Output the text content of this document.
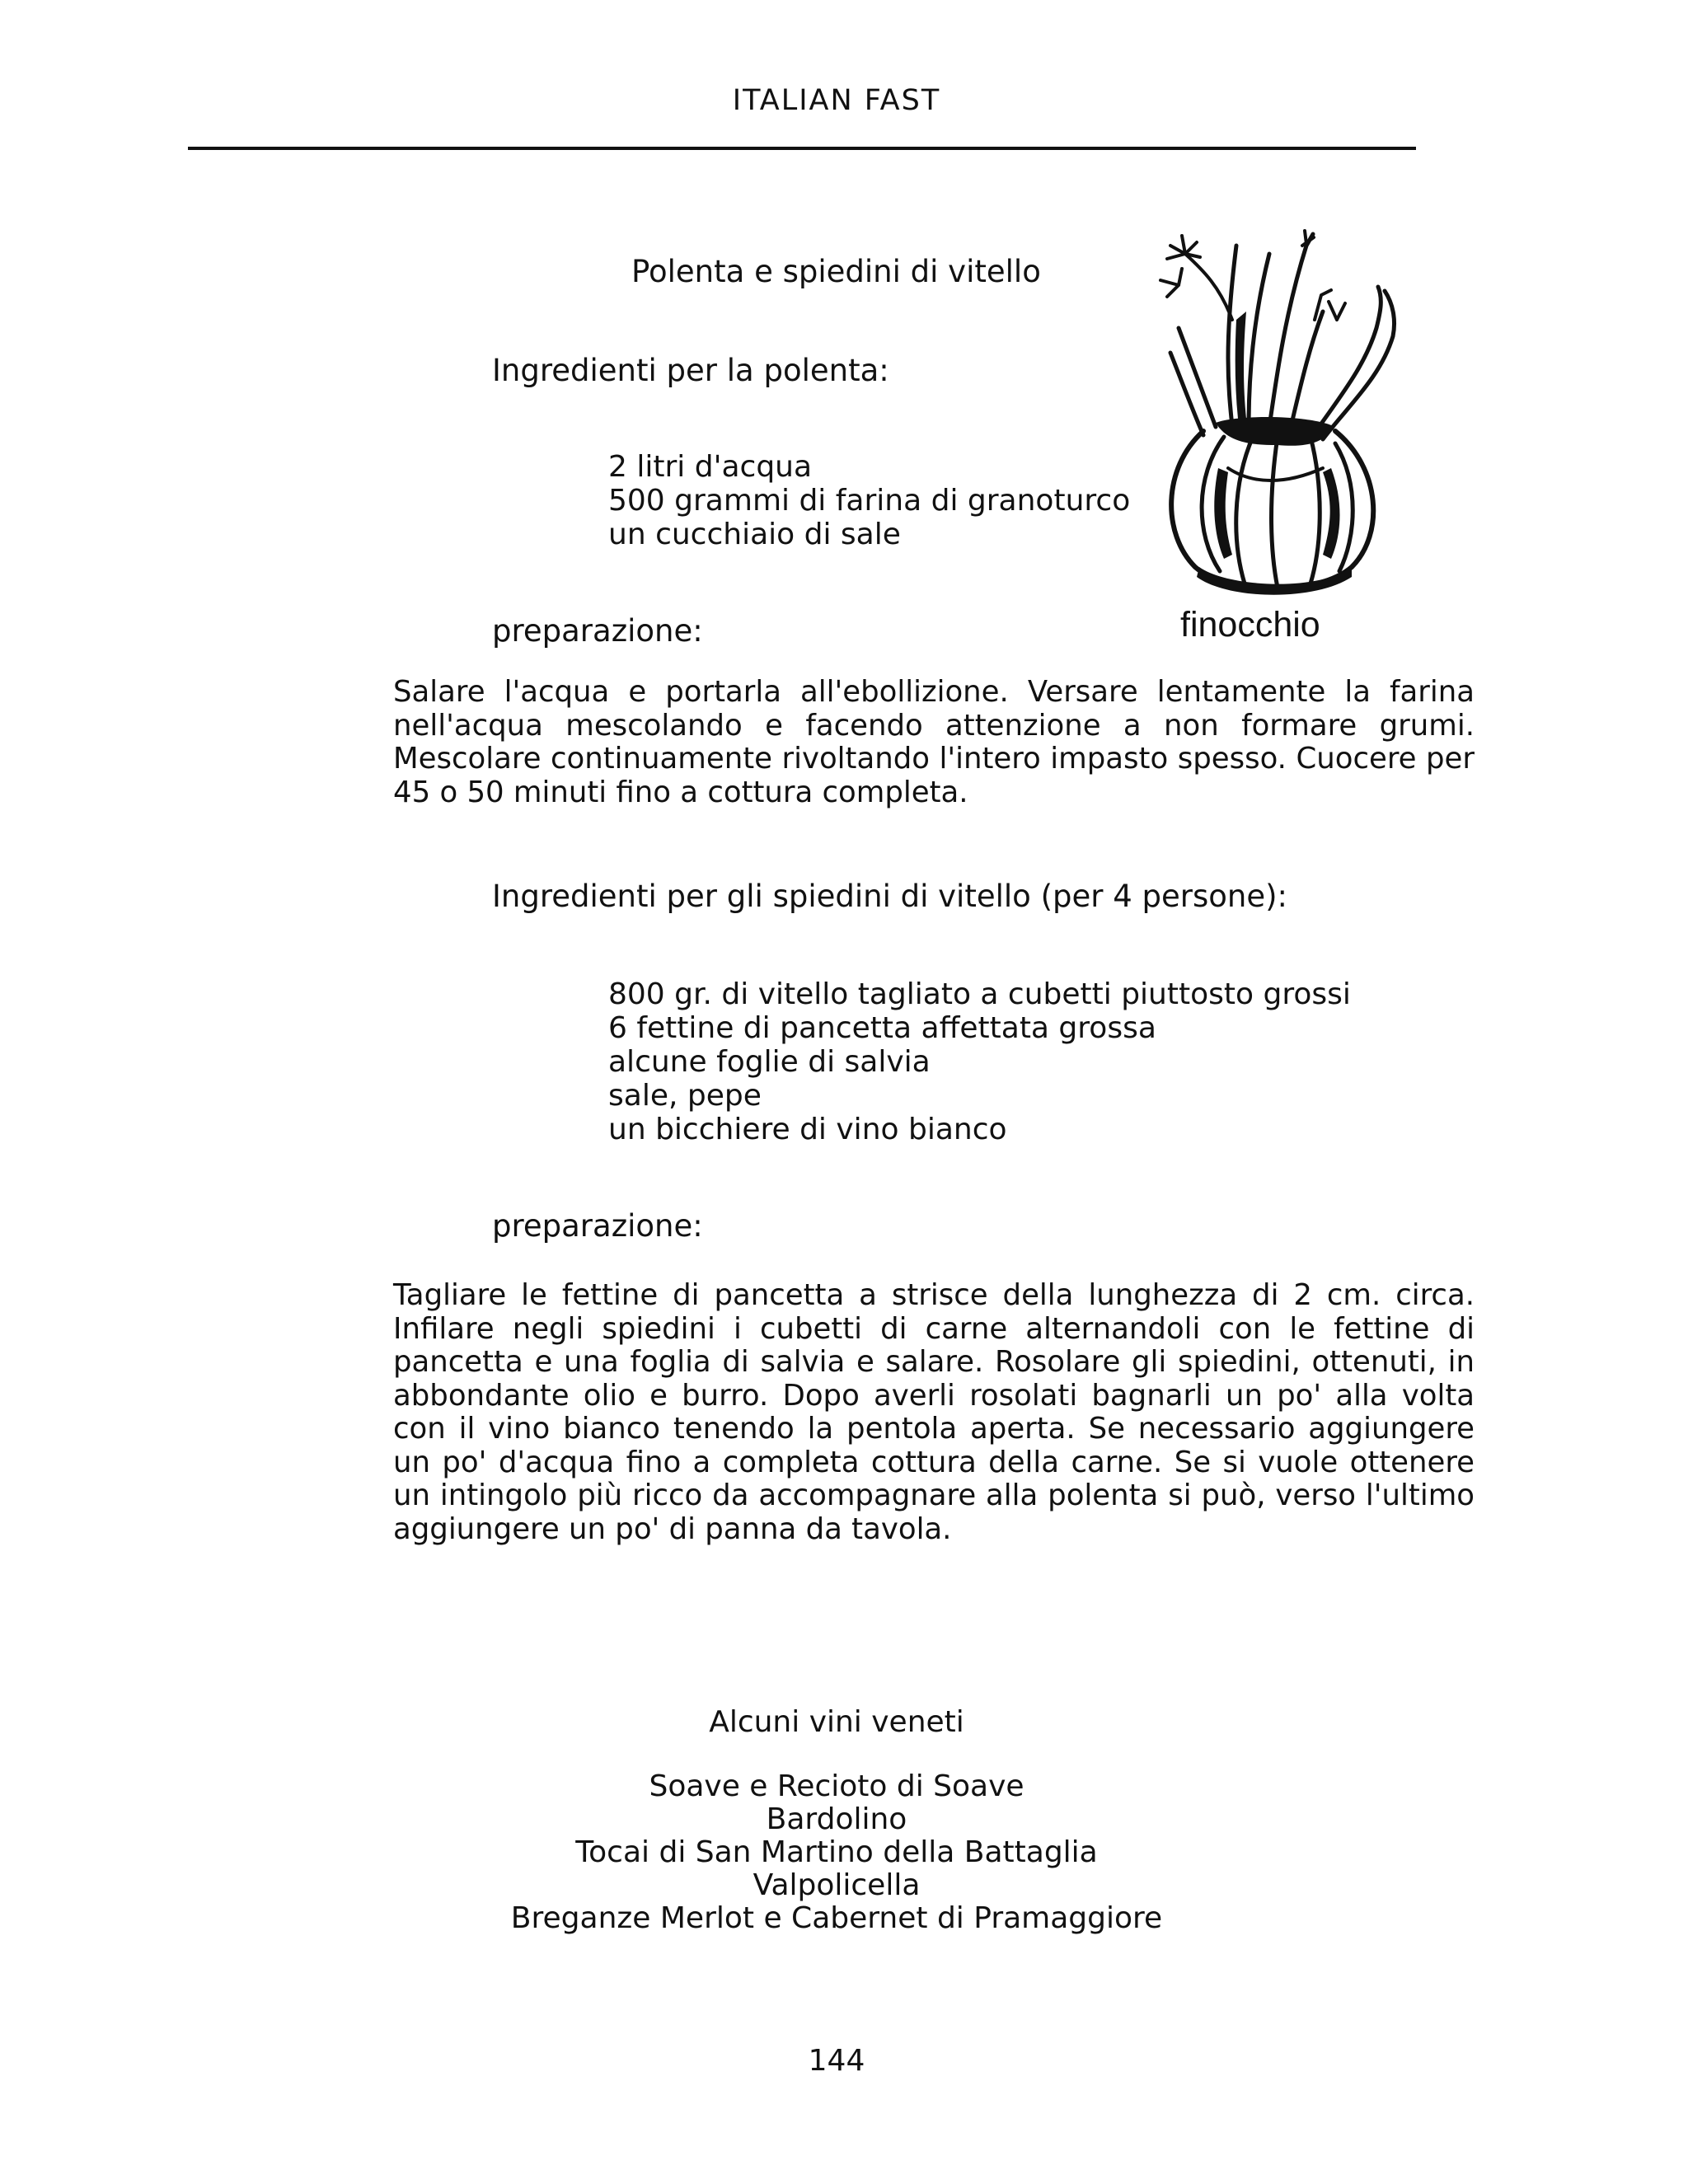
ITALIAN FAST
Polenta e spiedini di vitello
finocchio
Ingredienti per la polenta:
2 litri d'acqua
500 grammi di farina di granoturco
un cucchiaio di sale
preparazione:
Salare l'acqua e portarla all'ebollizione. Versare lentamente la farina nell'acqua mescolando e facendo attenzione a non formare grumi. Mescolare continuamente rivoltando l'intero impasto spesso. Cuocere per 45 o 50 minuti fino a cottura completa.
Ingredienti per gli spiedini di vitello (per 4 persone):
800 gr. di vitello tagliato a cubetti piuttosto grossi
6 fettine di pancetta affettata grossa
alcune foglie di salvia
sale, pepe
un bicchiere di vino bianco
preparazione:
Tagliare le fettine di pancetta a strisce della lunghezza di 2 cm. circa. Infilare negli spiedini i cubetti di carne alternandoli con le fettine di pancetta e una foglia di salvia e salare. Rosolare gli spiedini, ottenuti, in abbondante olio e burro. Dopo averli rosolati bagnarli un po' alla volta con il vino bianco tenendo la pentola aperta. Se necessario aggiungere un po' d'acqua fino a completa cottura della carne. Se si vuole ottenere un intingolo più ricco da accompagnare alla polenta si può, verso l'ultimo aggiungere un po' di panna da tavola.
Alcuni vini veneti
Soave e Recioto di Soave
Bardolino
Tocai di San Martino della Battaglia
Valpolicella
Breganze Merlot e Cabernet di Pramaggiore
144
